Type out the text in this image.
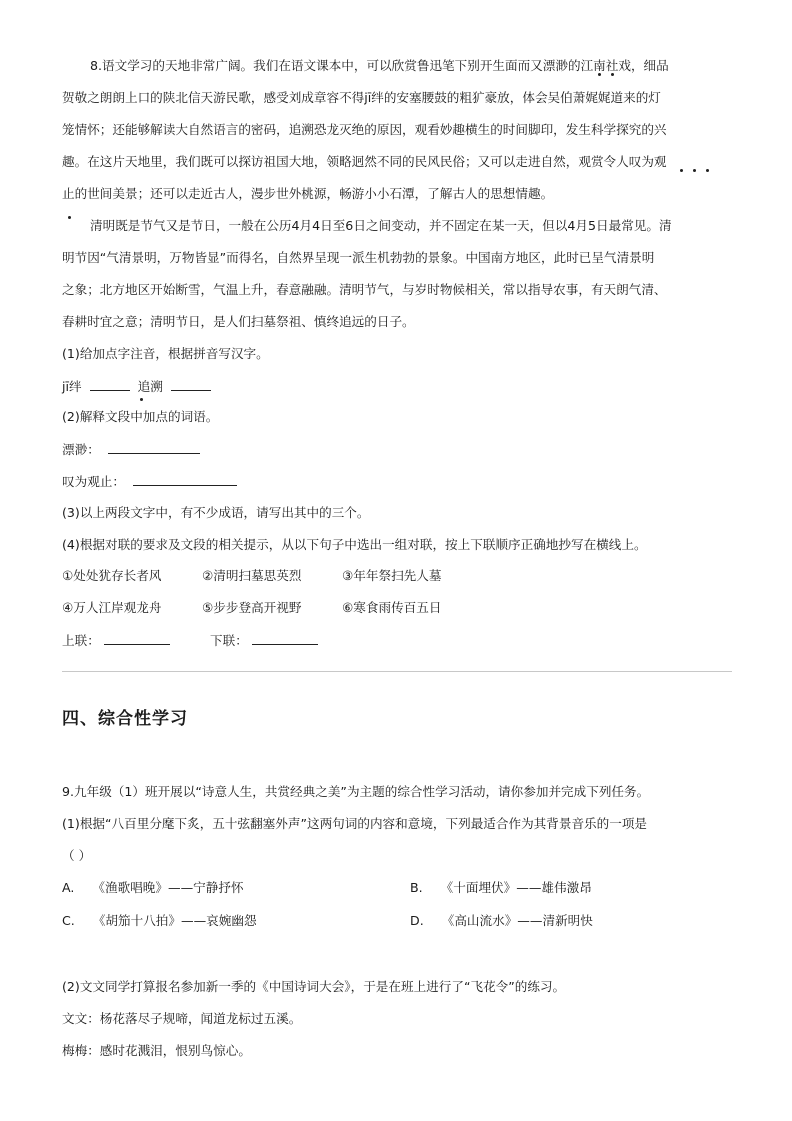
8.语文学习的天地非常广阔。我们在语文课本中，可以欣赏鲁迅笔下别开生面而又漂渺的江南社戏，细品
贺敬之朗朗上口的陕北信天游民歌，感受刘成章容不得jī绊的安塞腰鼓的粗犷豪放，体会吴伯萧娓娓道来的灯
笼情怀；还能够解读大自然语言的密码，追溯恐龙灭绝的原因，观看妙趣横生的时间脚印，发生科学探究的兴
趣。在这片天地里，我们既可以探访祖国大地，领略迥然不同的民风民俗；又可以走进自然，观赏令人叹为观
止的世间美景；还可以走近古人，漫步世外桃源，畅游小小石潭，了解古人的思想情趣。
清明既是节气又是节日，一般在公历4月4日至6日之间变动，并不固定在某一天，但以4月5日最常见。清
明节因“气清景明，万物皆显”而得名，自然界呈现一派生机勃勃的景象。中国南方地区，此时已呈气清景明
之象；北方地区开始断雪，气温上升，春意融融。清明节气，与岁时物候相关，常以指导农事，有天朗气清、
春耕时宜之意；清明节日，是人们扫墓祭祖、慎终追远的日子。
(1)给加点字注音，根据拼音写汉字。
jī绊	追溯
(2)解释文段中加点的词语。
漂渺：
叹为观止：
(3)以上两段文字中，有不少成语，请写出其中的三个。
(4)根据对联的要求及文段的相关提示，从以下句子中选出一组对联，按上下联顺序正确地抄写在横线上。
①处处犹存长者风	②清明扫墓思英烈	③年年祭扫先人墓
④万人江岸观龙舟	⑤步步登高开视野	⑥寒食雨传百五日
上联：	下联：
四、综合性学习
9.九年级（1）班开展以“诗意人生，共赏经典之美”为主题的综合性学习活动，请你参加并完成下列任务。
(1)根据“八百里分麾下炙，五十弦翻塞外声”这两句词的内容和意境，下列最适合作为其背景音乐的一项是
（ ）
A. 《渔歌唱晚》——宁静抒怀	B. 《十面埋伏》——雄伟激昂
C. 《胡笳十八拍》——哀婉幽怨	D. 《高山流水》——清新明快
(2)文文同学打算报名参加新一季的《中国诗词大会》，于是在班上进行了“飞花令”的练习。
文文：杨花落尽子规啼，闻道龙标过五溪。
梅梅：感时花溅泪，恨别鸟惊心。
